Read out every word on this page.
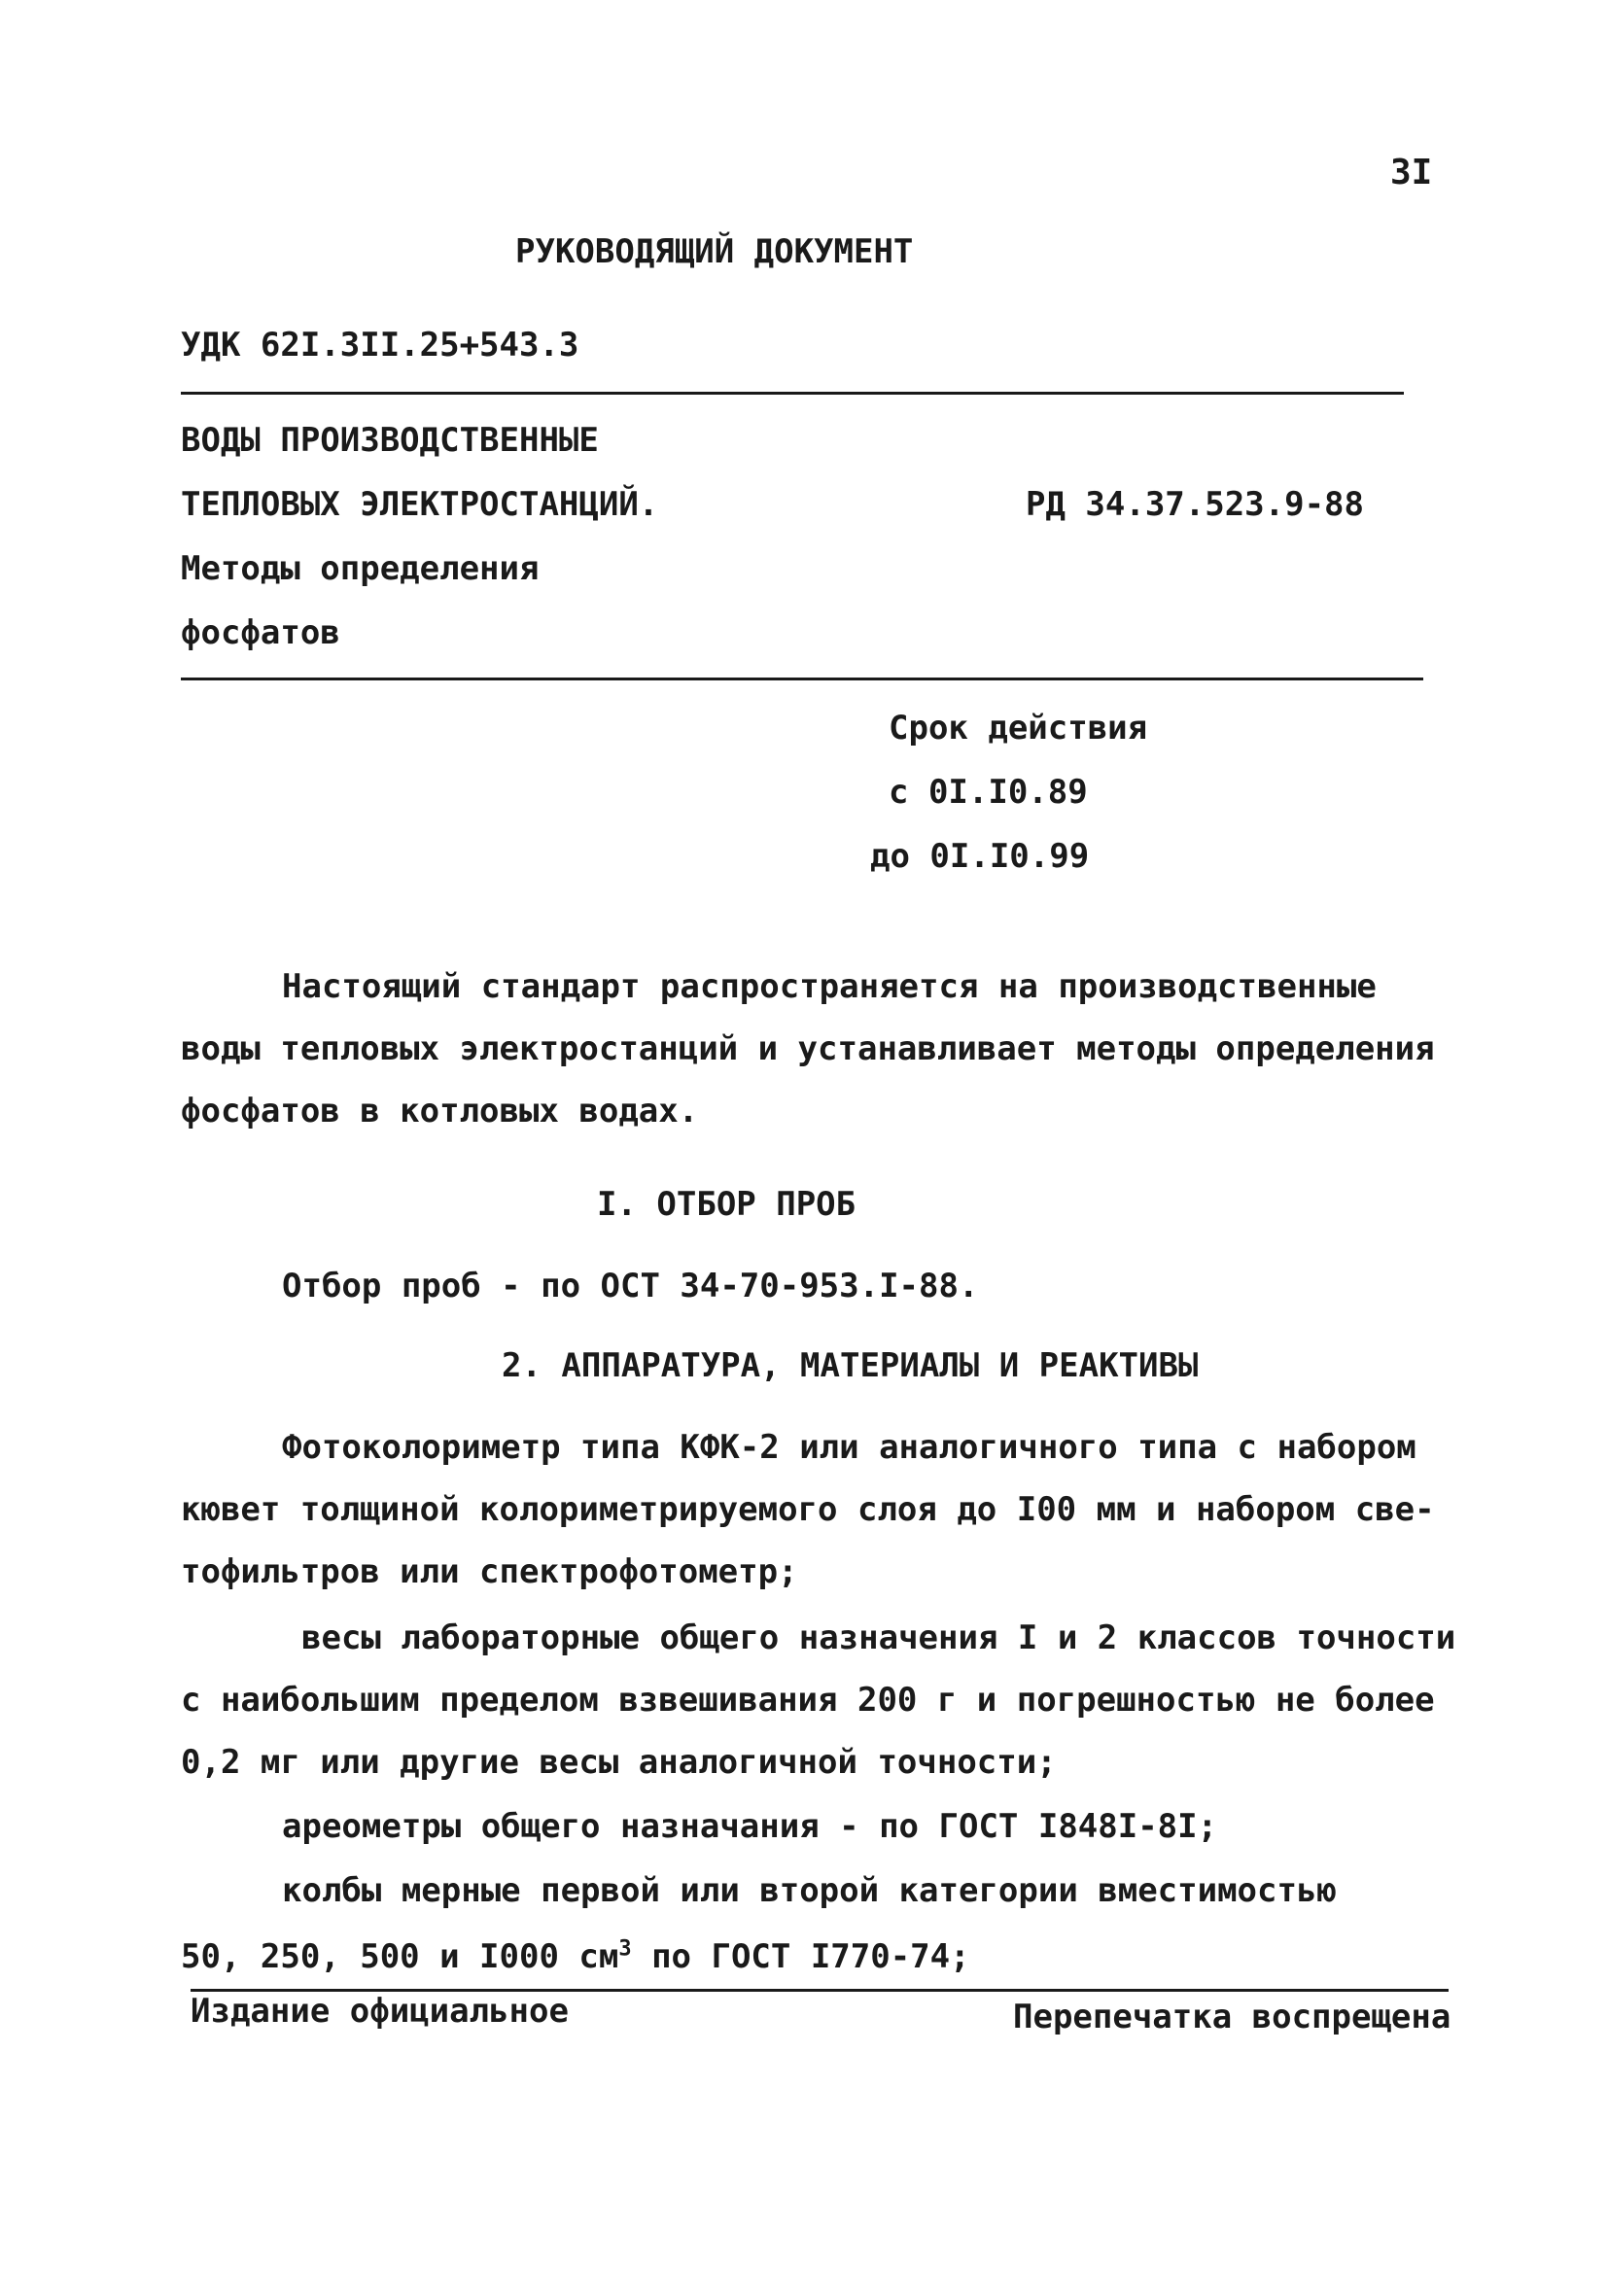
3I
РУКОВОДЯЩИЙ ДОКУМЕНТ
УДК 62I.3II.25+543.3
ВОДЫ ПРОИЗВОДСТВЕННЫЕ
ТЕПЛОВЫХ ЭЛЕКТРОСТАНЦИЙ.	РД 34.37.523.9-88
Методы определения
фосфатов
Срок действия
с 0I.I0.89
до 0I.I0.99
Настоящий стандарт распространяется на производственные
воды тепловых электростанций и устанавливает методы определения
фосфатов в котловых водах.
I. ОТБОР ПРОБ
Отбор проб - по ОСТ 34-70-953.I-88.
2. АППАРАТУРА, МАТЕРИАЛЫ И РЕАКТИВЫ
Фотоколориметр типа КФК-2 или аналогичного типа с набором
кювет толщиной колориметрируемого слоя до I00 мм и набором све-
тофильтров или спектрофотометр;
весы лабораторные общего назначения I и 2 классов точности
с наибольшим пределом взвешивания 200 г и погрешностью не более
0,2 мг или другие весы аналогичной точности;
ареометры общего назначания - по ГОСТ I848I-8I;
колбы мерные первой или второй категории вместимостью
50, 250, 500 и I000 $см^3$ по ГОСТ I770-74;
Издание официальное	Перепечатка воспрещена
